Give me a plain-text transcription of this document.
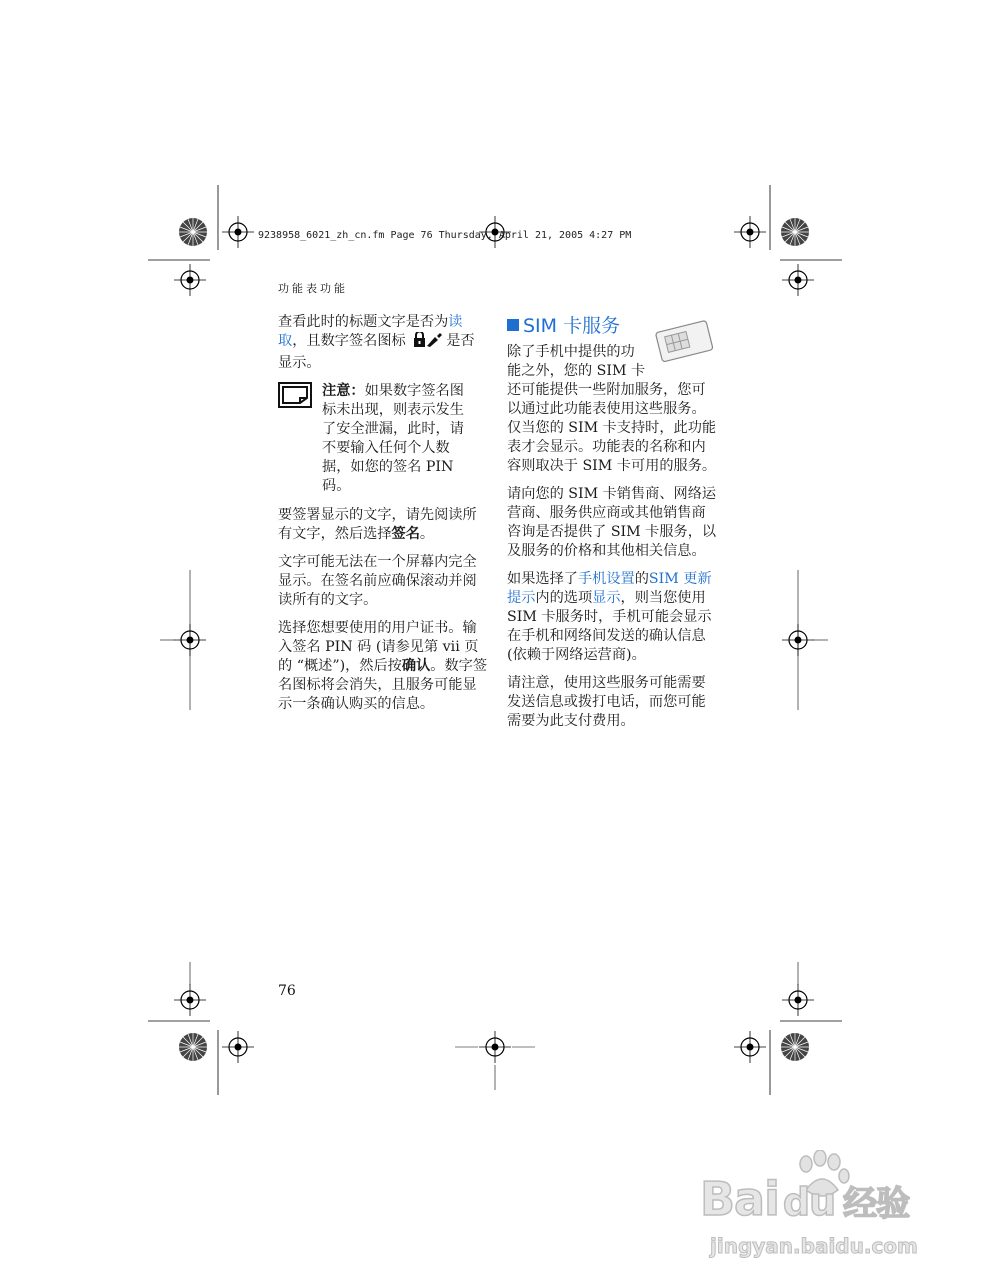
9238958_6021_zh_cn.fm Page 76 Thursday, April 21, 2005 4:27 PM
功能表功能

查看此时的标题文字是否为读取，且数字签名图标	是否显示。

注意：如果数字签名图标未出现，则表示发生了安全泄漏，此时，请不要输入任何个人数据，如您的签名 PIN 码。

要签署显示的文字，请先阅读所有文字，然后选择签名。

文字可能无法在一个屏幕内完全显示。在签名前应确保滚动并阅读所有的文字。

选择您想要使用的用户证书。输入签名 PIN 码 (请参见第 vii 页的 “概述”)，然后按确认。数字签名图标将会消失，且服务可能显示一条确认购买的信息。

SIM 卡服务

除了手机中提供的功
能之外，您的 SIM 卡
还可能提供一些附加服务，您可以通过此功能表使用这些服务。仅当您的 SIM 卡支持时，此功能表才会显示。功能表的名称和内容则取决于 SIM 卡可用的服务。

请向您的 SIM 卡销售商、网络运营商、服务供应商或其他销售商咨询是否提供了 SIM 卡服务，以及服务的价格和其他相关信息。

如果选择了手机设置的SIM 更新提示内的选项显示，则当您使用 SIM 卡服务时，手机可能会显示在手机和网络间发送的确认信息 (依赖于网络运营商)。

请注意，使用这些服务可能需要发送信息或拨打电话，而您可能需要为此支付费用。

76
Bai du 经验
jingyan.baidu.com
